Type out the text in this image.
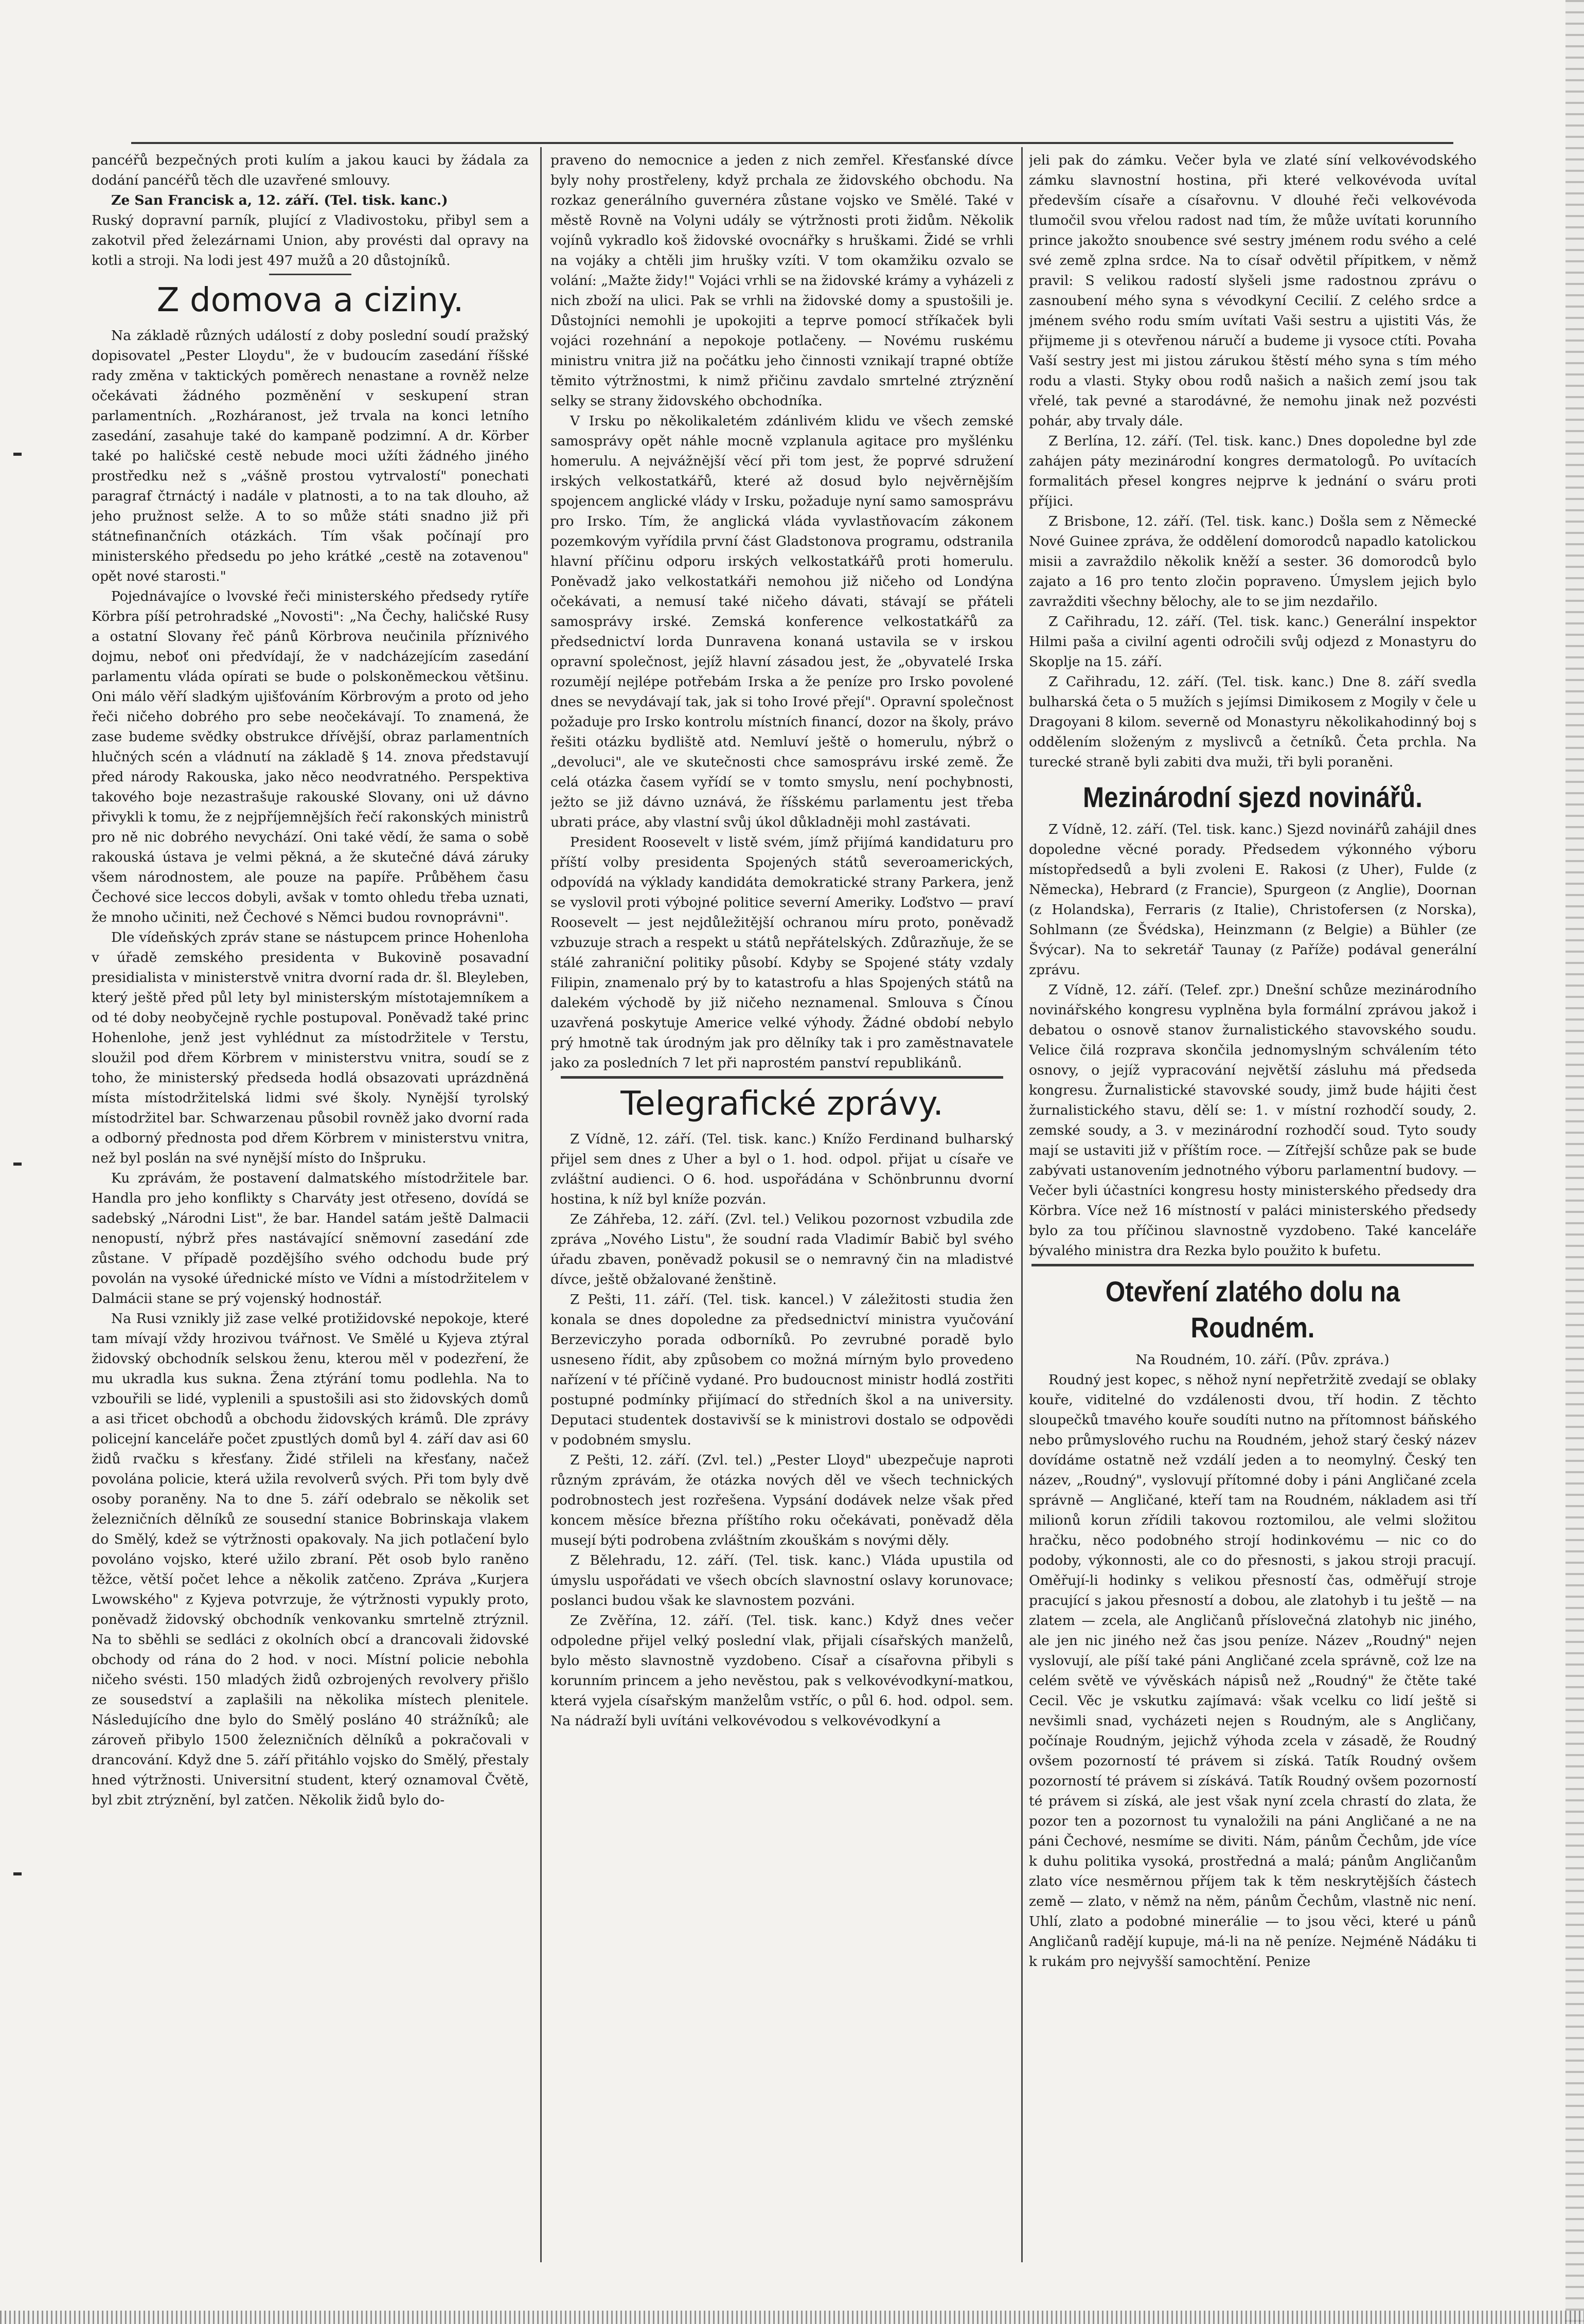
pancéřů bezpečných proti kulím a jakou kauci by žádala za dodání pancéřů těch dle uzavřené smlouvy.

Ze San Francisk a, 12. září. (Tel. tisk. kanc.)

Ruský dopravní parník, plující z Vladivostoku, přibyl sem a zakotvil před železárnami Union, aby provésti dal opravy na kotli a stroji. Na lodi jest 497 mužů a 20 důstojníků.

Z domova a ciziny.

Na základě různých událostí z doby poslední soudí pražský dopisovatel „Pester Lloydu", že v budoucím zasedání říšské rady změna v taktických poměrech nenastane a rovněž nelze očekávati žádného pozměnění v seskupení stran parlamentních. „Rozháranost, jež trvala na konci letního zasedání, zasahuje také do kampaně podzimní. A dr. Körber také po haličské cestě nebude moci užíti žádného jiného prostředku než s „vášně prostou vytrvalostí" ponechati paragraf čtrnáctý i nadále v platnosti, a to na tak dlouho, až jeho pružnost selže. A to so může státi snadno již při státnefinančních otázkách. Tím však počínají pro ministerského předsedu po jeho krátké „cestě na zotavenou" opět nové starosti."

Pojednávajíce o lvovské řeči ministerského předsedy rytíře Körbra píší petrohradské „Novosti": „Na Čechy, haličské Rusy a ostatní Slovany řeč pánů Körbrova neučinila příznivého dojmu, neboť oni předvídají, že v nadcházejícím zasedání parlamentu vláda opírati se bude o polskoněmeckou většinu. Oni málo věří sladkým ujišťováním Körbrovým a proto od jeho řeči ničeho dobrého pro sebe neočekávají. To znamená, že zase budeme svědky obstrukce dřívější, obraz parlamentních hlučných scén a vládnutí na základě § 14. znova představují před národy Rakouska, jako něco neodvratného. Perspektiva takového boje nezastrašuje rakouské Slovany, oni už dávno přivykli k tomu, že z nejpříjemnějších řečí rakonských ministrů pro ně nic dobrého nevychází. Oni také vědí, že sama o sobě rakouská ústava je velmi pěkná, a že skutečné dává záruky všem národnostem, ale pouze na papíře. Průběhem času Čechové sice leccos dobyli, avšak v tomto ohledu třeba uznati, že mnoho učiniti, než Čechové s Němci budou rovnoprávni".

Dle vídeňských zpráv stane se nástupcem prince Hohenloha v úřadě zemského presidenta v Bukovině posavadní presidialista v ministerstvě vnitra dvorní rada dr. šl. Bleyleben, který ještě před půl lety byl ministerským místotajemníkem a od té doby neobyčejně rychle postupoval. Poněvadž také princ Hohenlohe, jenž jest vyhlédnut za místodržitele v Terstu, sloužil pod dřem Körbrem v ministerstvu vnitra, soudí se z toho, že ministerský předseda hodlá obsazovati uprázdněná místa místodržitelská lidmi své školy. Nynější tyrolský místodržitel bar. Schwarzenau působil rovněž jako dvorní rada a odborný přednosta pod dřem Körbrem v ministerstvu vnitra, než byl poslán na své nynější místo do Inšpruku.

Ku zprávám, že postavení dalmatského místodržitele bar. Handla pro jeho konflikty s Charváty jest otřeseno, dovídá se sadebský „Národni List", že bar. Handel satám ještě Dalmacii nenopustí, nýbrž přes nastávající sněmovní zasedání zde zůstane. V případě pozdějšího svého odchodu bude prý povolán na vysoké úřednické místo ve Vídni a místodržitelem v Dalmácii stane se prý vojenský hodnostář.

Na Rusi vznikly již zase velké protižidovské nepokoje, které tam mívají vždy hrozivou tvářnost. Ve Smělé u Kyjeva ztýral židovský obchodník selskou ženu, kterou měl v podezření, že mu ukradla kus sukna. Žena ztýrání tomu podlehla. Na to vzbouřili se lidé, vyplenili a spustošili asi sto židovských domů a asi třicet obchodů a obchodu židovských krámů. Dle zprávy policejní kanceláře počet zpustlých domů byl 4. září dav asi 60 židů rvačku s křesťany. Židé střileli na křesťany, načež povolána policie, která užila revolverů svých. Při tom byly dvě osoby poraněny. Na to dne 5. září odebralo se několik set železničních dělníků ze sousední stanice Bobrinskaja vlakem do Smělý, kdež se výtržnosti opakovaly. Na jich potlačení bylo povoláno vojsko, které užilo zbraní. Pět osob bylo raněno těžce, větší počet lehce a několik zatčeno. Zpráva „Kurjera Lwowského" z Kyjeva potvrzuje, že výtržnosti vypukly proto, poněvadž židovský obchodník venkovanku smrtelně ztrýznil. Na to sběhli se sedláci z okolních obcí a drancovali židovské obchody od rána do 2 hod. v noci. Místní policie nebohla ničeho svésti. 150 mladých židů ozbrojených revolvery přišlo ze sousedství a zaplašili na několika místech plenitele. Následujícího dne bylo do Smělý posláno 40 strážníků; ale zároveň přibylo 1500 železničních dělníků a pokračovali v drancování. Když dne 5. září přitáhlo vojsko do Smělý, přestaly hned výtržnosti. Universitní student, který oznamoval Čvětě, byl zbit ztrýznění, byl zatčen. Několik židů bylo do-

praveno do nemocnice a jeden z nich zemřel. Křesťanské dívce byly nohy prostřeleny, když prchala ze židovského obchodu. Na rozkaz generálního guvernéra zůstane vojsko ve Smělé. Také v městě Rovně na Volyni udály se výtržnosti proti židům. Několik vojínů vykradlo koš židovské ovocnářky s hruškami. Židé se vrhli na vojáky a chtěli jim hrušky vzíti. V tom okamžiku ozvalo se volání: „Mažte židy!" Vojáci vrhli se na židovské krámy a vyházeli z nich zboží na ulici. Pak se vrhli na židovské domy a spustošili je. Důstojníci nemohli je upokojiti a teprve pomocí stříkaček byli vojáci rozehnání a nepokoje potlačeny. — Novému ruskému ministru vnitra již na počátku jeho činnosti vznikají trapné obtíže těmito výtržnostmi, k nimž přičinu zavdalo smrtelné ztrýznění selky se strany židovského obchodníka.

V Irsku po několikaletém zdánlivém klidu ve všech zemské samosprávy opět náhle mocně vzplanula agitace pro myšlénku homerulu. A nejvážnější věcí při tom jest, že poprvé sdružení irských velkostatkářů, které až dosud bylo nejvěrnějším spojencem anglické vlády v Irsku, požaduje nyní samo samosprávu pro Irsko. Tím, že anglická vláda vyvlastňovacím zákonem pozemkovým vyřídila první část Gladstonova programu, odstranila hlavní příčinu odporu irských velkostatkářů proti homerulu. Poněvadž jako velkostatkáři nemohou již ničeho od Londýna očekávati, a nemusí také ničeho dávati, stávají se přáteli samosprávy irské. Zemská konference velkostatkářů za předsednictví lorda Dunravena konaná ustavila se v irskou opravní společnost, jejíž hlavní zásadou jest, že „obyvatelé Irska rozumějí nejlépe potřebám Irska a že peníze pro Irsko povolené dnes se nevydávají tak, jak si toho Irové přejí". Opravní společnost požaduje pro Irsko kontrolu místních financí, dozor na školy, právo řešiti otázku bydliště atd. Nemluví ještě o homerulu, nýbrž o „devoluci", ale ve skutečnosti chce samosprávu irské země. Že celá otázka časem vyřídí se v tomto smyslu, není pochybnosti, ježto se již dávno uznává, že říšskému parlamentu jest třeba ubrati práce, aby vlastní svůj úkol důkladněji mohl zastávati.

President Roosevelt v listě svém, jímž přijímá kandidaturu pro příští volby presidenta Spojených států severoamerických, odpovídá na výklady kandidáta demokratické strany Parkera, jenž se vyslovil proti výbojné politice severní Ameriky. Loďstvo — praví Roosevelt — jest nejdůležitější ochranou míru proto, poněvadž vzbuzuje strach a respekt u států nepřátelských. Zdůrazňuje, že se stálé zahraniční politiky působí. Kdyby se Spojené státy vzdaly Filipin, znamenalo prý by to katastrofu a hlas Spojených států na dalekém východě by již ničeho neznamenal. Smlouva s Čínou uzavřená poskytuje Americe velké výhody. Žádné období nebylo prý hmotně tak úrodným jak pro dělníky tak i pro zaměstnavatele jako za posledních 7 let při naprostém panství republikánů.

Telegrafické zprávy.

Z Vídně, 12. září. (Tel. tisk. kanc.) Knížo Ferdinand bulharský přijel sem dnes z Uher a byl o 1. hod. odpol. přijat u císaře ve zvláštní audienci. O 6. hod. uspořádána v Schönbrunnu dvorní hostina, k níž byl kníže pozván.

Ze Záhřeba, 12. září. (Zvl. tel.) Velikou pozornost vzbudila zde zpráva „Nového Listu", že soudní rada Vladimír Babič byl svého úřadu zbaven, poněvadž pokusil se o nemravný čin na mladistvé dívce, ještě obžalované ženštině.

Z Pešti, 11. září. (Tel. tisk. kancel.) V záležitosti studia žen konala se dnes dopoledne za předsednictví ministra vyučování Berzeviczyho porada odborníků. Po zevrubné poradě bylo usneseno řídit, aby způsobem co možná mírným bylo provedeno nařízení v té příčině vydané. Pro budoucnost ministr hodlá zostřiti postupné podmínky přijímací do středních škol a na university. Deputaci studentek dostavivší se k ministrovi dostalo se odpovědi v podobném smyslu.

Z Pešti, 12. září. (Zvl. tel.) „Pester Lloyd" ubezpečuje naproti různým zprávám, že otázka nových děl ve všech technických podrobnostech jest rozřešena. Vypsání dodávek nelze však před koncem měsíce března příštího roku očekávati, poněvadž děla musejí býti podrobena zvláštním zkouškám s novými děly.

Z Bělehradu, 12. září. (Tel. tisk. kanc.) Vláda upustila od úmyslu uspořádati ve všech obcích slavnostní oslavy korunovace; poslanci budou však ke slavnostem pozváni.

Ze Zvěřína, 12. září. (Tel. tisk. kanc.) Když dnes večer odpoledne přijel velký poslední vlak, přijali císařských manželů, bylo město slavnostně vyzdobeno. Císař a císařovna přibyli s korunním princem a jeho nevěstou, pak s velkovévodkyní-matkou, která vyjela císařským manželům vstříc, o půl 6. hod. odpol. sem. Na nádraží byli uvítáni velkovévodou s velkovévodkyní a

jeli pak do zámku. Večer byla ve zlaté síní velkovévodského zámku slavnostní hostina, při které velkovévoda uvítal především císaře a císařovnu. V dlouhé řeči velkovévoda tlumočil svou vřelou radost nad tím, že může uvítati korunního prince jakožto snoubence své sestry jménem rodu svého a celé své země zplna srdce. Na to císař odvětil přípitkem, v němž pravil: S velikou radostí slyšeli jsme radostnou zprávu o zasnoubení mého syna s vévodkyní Cecilií. Z celého srdce a jménem svého rodu smím uvítati Vaši sestru a ujistiti Vás, že přijmeme ji s otevřenou náručí a budeme ji vysoce ctíti. Povaha Vaší sestry jest mi jistou zárukou štěstí mého syna s tím mého rodu a vlasti. Styky obou rodů našich a našich zemí jsou tak vřelé, tak pevné a starodávné, že nemohu jinak než pozvésti pohár, aby trvaly dále.

Z Berlína, 12. září. (Tel. tisk. kanc.) Dnes dopoledne byl zde zahájen páty mezinárodní kongres dermatologů. Po uvítacích formalitách přesel kongres nejprve k jednání o sváru proti příjici.

Z Brisbone, 12. září. (Tel. tisk. kanc.) Došla sem z Německé Nové Guinee zpráva, že oddělení domorodců napadlo katolickou misii a zavraždilo několik kněží a sester. 36 domorodců bylo zajato a 16 pro tento zločin popraveno. Úmyslem jejich bylo zavražditi všechny bělochy, ale to se jim nezdařilo.

Z Cařihradu, 12. září. (Tel. tisk. kanc.) Generální inspektor Hilmi paša a civilní agenti odročili svůj odjezd z Monastyru do Skoplje na 15. září.

Z Cařihradu, 12. září. (Tel. tisk. kanc.) Dne 8. září svedla bulharská četa o 5 mužích s jejímsi Dimikosem z Mogily v čele u Dragoyani 8 kilom. severně od Monastyru několikahodinný boj s oddělením složeným z myslivců a četníků. Četa prchla. Na turecké straně byli zabiti dva muži, tři byli poraněni.

Mezinárodní sjezd novinářů.

Z Vídně, 12. září. (Tel. tisk. kanc.) Sjezd novinářů zahájil dnes dopoledne věcné porady. Předsedem výkonného výboru místopředsedů a byli zvoleni E. Rakosi (z Uher), Fulde (z Německa), Hebrard (z Francie), Spurgeon (z Anglie), Doornan (z Holandska), Ferraris (z Italie), Christofersen (z Norska), Sohlmann (ze Švédska), Heinzmann (z Belgie) a Bühler (ze Švýcar). Na to sekretář Taunay (z Paříže) podával generální zprávu.

Z Vídně, 12. září. (Telef. zpr.) Dnešní schůze mezinárodního novinářského kongresu vyplněna byla formální zprávou jakož i debatou o osnově stanov žurnalistického stavovského soudu. Velice čilá rozprava skončila jednomyslným schválením této osnovy, o jejíž vypracování největší zásluhu má předseda kongresu. Žurnalistické stavovské soudy, jimž bude hájiti čest žurnalistického stavu, dělí se: 1. v místní rozhodčí soudy, 2. zemské soudy, a 3. v mezinárodní rozhodčí soud. Tyto soudy mají se ustaviti již v příštím roce. — Zítřejší schůze pak se bude zabývati ustanovením jednotného výboru parlamentní budovy. — Večer byli účastníci kongresu hosty ministerského předsedy dra Körbra. Více než 16 místností v paláci ministerského předsedy bylo za tou příčinou slavnostně vyzdobeno. Také kanceláře bývalého ministra dra Rezka bylo použito k bufetu.

Otevření zlatého dolu na Roudném.

Na Roudném, 10. září. (Pův. zpráva.)

Roudný jest kopec, s něhož nyní nepřetržitě zvedají se oblaky kouře, viditelné do vzdálenosti dvou, tří hodin. Z těchto sloupečků tmavého kouře soudíti nutno na přítomnost báňského nebo průmyslového ruchu na Roudném, jehož starý český název dovídáme ostatně než vzdálí jeden a to neomylný. Český ten název, „Roudný", vyslovují přítomné doby i páni Angličané zcela správně — Angličané, kteří tam na Roudném, nákladem asi tří milionů korun zřídili takovou roztomilou, ale velmi složitou hračku, něco podobného strojí hodinkovému — nic co do podoby, výkonnosti, ale co do přesnosti, s jakou stroji pracují. Oměřují-li hodinky s velikou přesností čas, odměřují stroje pracující s jakou přesností a dobou, ale zlatohyb i tu ještě — na zlatem — zcela, ale Angličanů příslovečná zlatohyb nic jiného, ale jen nic jiného než čas jsou peníze. Název „Roudný" nejen vyslovují, ale píší také páni Angličané zcela správně, což lze na celém světě ve vývěskách nápisů než „Roudný" že čtěte také Cecil. Věc je vskutku zajímavá: však vcelku co lidí ještě si nevšimli snad, vycházeti nejen s Roudným, ale s Angličany, počínaje Roudným, jejichž výhoda zcela v zásadě, že Roudný ovšem pozorností té právem si získá. Tatík Roudný ovšem pozorností té právem si získává. Tatík Roudný ovšem pozorností té právem si získá, ale jest však nyní zcela chrastí do zlata, že pozor ten a pozornost tu vynaložili na páni Angličané a ne na páni Čechové, nesmíme se diviti. Nám, pánům Čechům, jde více k duhu politika vysoká, prostředná a malá; pánům Angličanům zlato více nesměrnou příjem tak k těm neskrytějších částech země — zlato, v němž na něm, pánům Čechům, vlastně nic není. Uhlí, zlato a podobné minerálie — to jsou věci, které u pánů Angličanů radějí kupuje, má-li na ně peníze. Nejméně Nádáku ti k rukám pro nejvyšší samochtění. Penize
